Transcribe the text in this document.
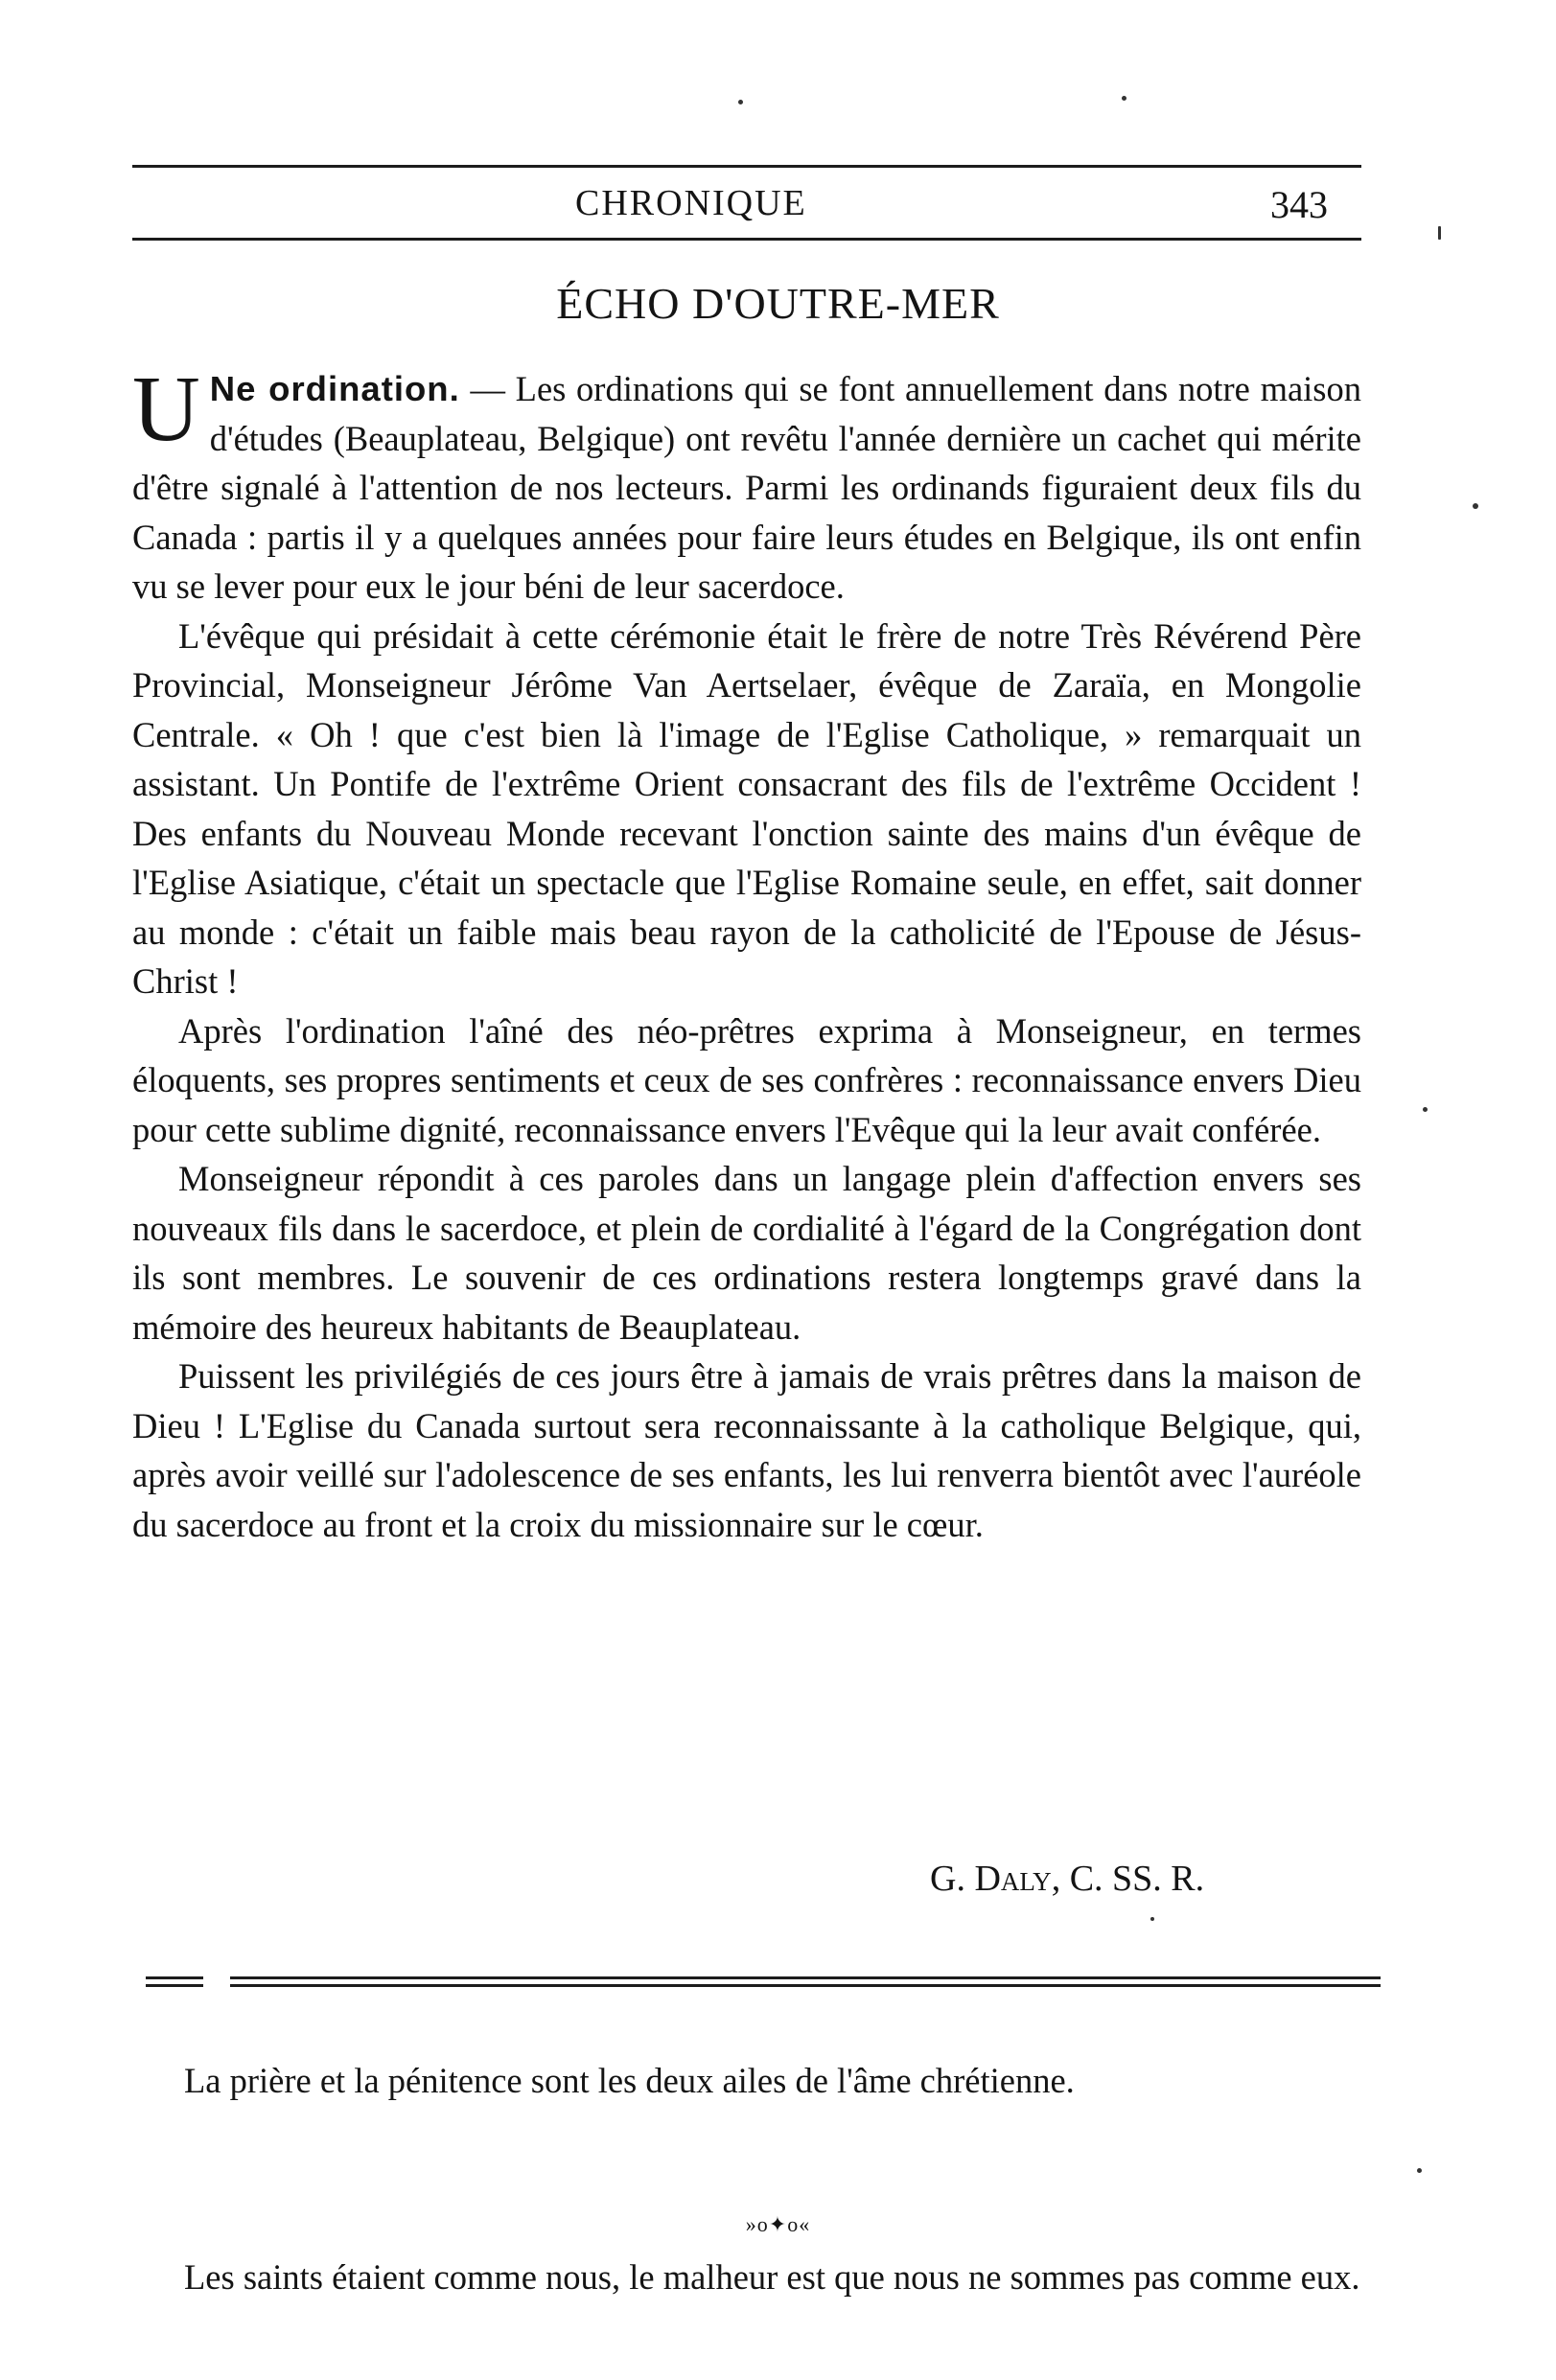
CHRONIQUE	343
ÉCHO D'OUTRE-MER

U Ne ordination. — Les ordinations qui se font annuellement dans notre maison d'études (Beauplateau, Belgique) ont revêtu l'année dernière un cachet qui mérite d'être signalé à l'attention de nos lecteurs. Parmi les ordinands figuraient deux fils du Canada : partis il y a quelques années pour faire leurs études en Belgique, ils ont enfin vu se lever pour eux le jour béni de leur sacerdoce.

L'évêque qui présidait à cette cérémonie était le frère de notre Très Révérend Père Provincial, Monseigneur Jérôme Van Aertselaer, évêque de Zaraïa, en Mongolie Centrale. « Oh ! que c'est bien là l'image de l'Eglise Catholique, » remarquait un assistant. Un Pontife de l'extrême Orient consacrant des fils de l'extrême Occident ! Des enfants du Nouveau Monde recevant l'onction sainte des mains d'un évêque de l'Eglise Asiatique, c'était un spectacle que l'Eglise Romaine seule, en effet, sait donner au monde : c'était un faible mais beau rayon de la catholicité de l'Epouse de Jésus-Christ !

Après l'ordination l'aîné des néo-prêtres exprima à Monseigneur, en termes éloquents, ses propres sentiments et ceux de ses confrères : reconnaissance envers Dieu pour cette sublime dignité, reconnaissance envers l'Evêque qui la leur avait conférée.

Monseigneur répondit à ces paroles dans un langage plein d'affection envers ses nouveaux fils dans le sacerdoce, et plein de cordialité à l'égard de la Congrégation dont ils sont membres. Le souvenir de ces ordinations restera longtemps gravé dans la mémoire des heureux habitants de Beauplateau.

Puissent les privilégiés de ces jours être à jamais de vrais prêtres dans la maison de Dieu ! L'Eglise du Canada surtout sera reconnaissante à la catholique Belgique, qui, après avoir veillé sur l'adolescence de ses enfants, les lui renverra bientôt avec l'auréole du sacerdoce au front et la croix du missionnaire sur le cœur.

G. Daly, C. SS. R.

La prière et la pénitence sont les deux ailes de l'âme chrétienne.

»o✦o«

Les saints étaient comme nous, le malheur est que nous ne sommes pas comme eux.
